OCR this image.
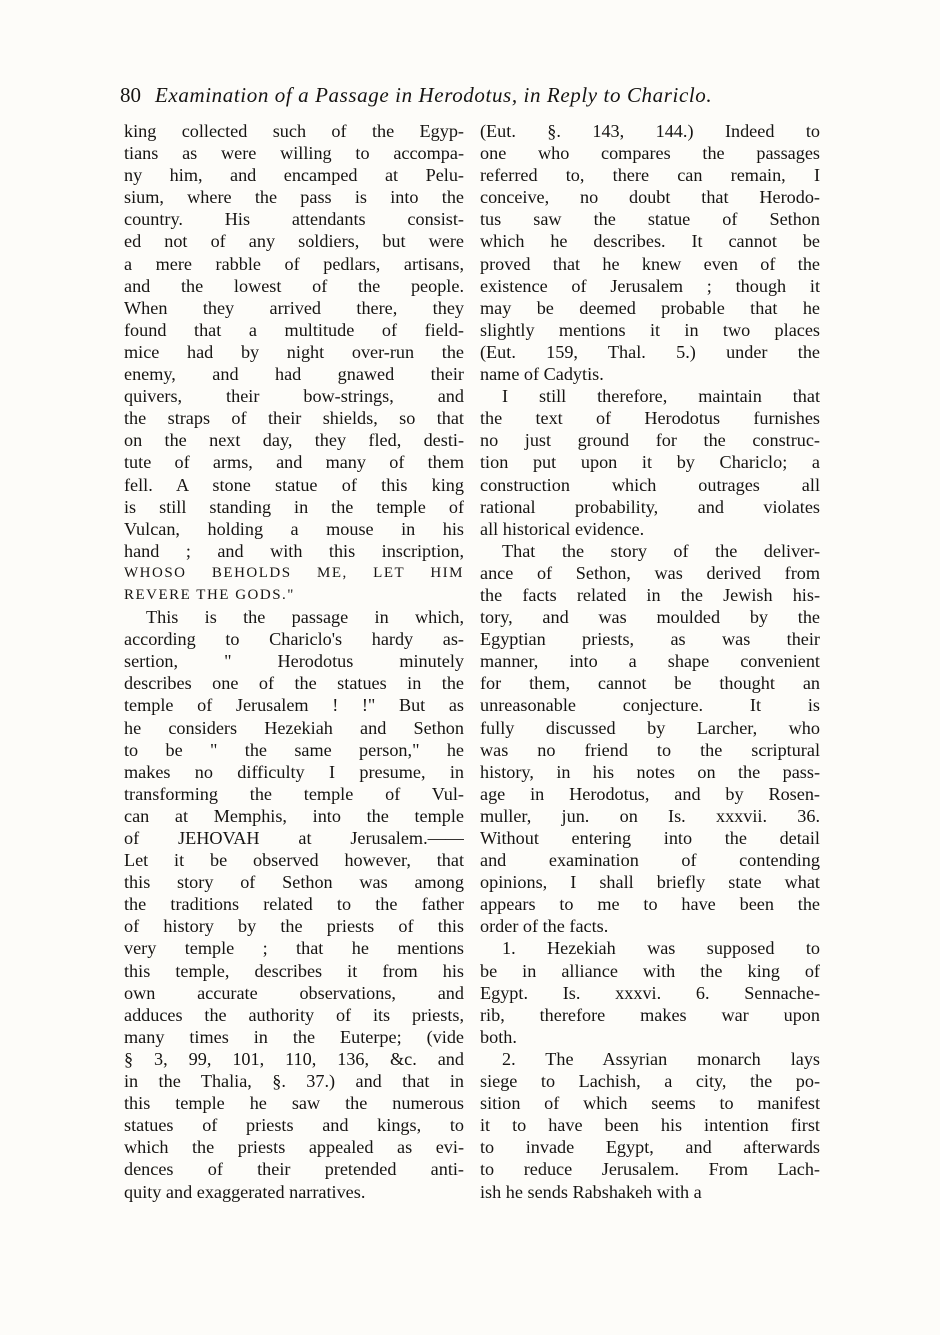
80 Examination of a Passage in Herodotus, in Reply to Chariclo.
king collected such of the Egyp-
tians as were willing to accompa-
ny him, and encamped at Pelu-
sium, where the pass is into the
country. His attendants consist-
ed not of any soldiers, but were
a mere rabble of pedlars, artisans,
and the lowest of the people.
When they arrived there, they
found that a multitude of field-
mice had by night over-run the
enemy, and had gnawed their
quivers, their bow-strings, and
the straps of their shields, so that
on the next day, they fled, desti-
tute of arms, and many of them
fell. A stone statue of this king
is still standing in the temple of
Vulcan, holding a mouse in his
hand ; and with this inscription,
WHOSO BEHOLDS ME, LET HIM
REVERE THE GODS."
This is the passage in which,
according to Chariclo's hardy as-
sertion, " Herodotus minutely
describes one of the statues in the
temple of Jerusalem ! !" But as
he considers Hezekiah and Sethon
to be " the same person," he
makes no difficulty I presume, in
transforming the temple of Vul-
can at Memphis, into the temple
of JEHOVAH at Jerusalem.——
Let it be observed however, that
this story of Sethon was among
the traditions related to the father
of history by the priests of this
very temple ; that he mentions
this temple, describes it from his
own accurate observations, and
adduces the authority of its priests,
many times in the Euterpe; (vide
§ 3, 99, 101, 110, 136, &c. and
in the Thalia, §. 37.) and that in
this temple he saw the numerous
statues of priests and kings, to
which the priests appealed as evi-
dences of their pretended anti-
quity and exaggerated narratives.
(Eut. §. 143, 144.) Indeed to
one who compares the passages
referred to, there can remain, I
conceive, no doubt that Herodo-
tus saw the statue of Sethon
which he describes. It cannot be
proved that he knew even of the
existence of Jerusalem ; though it
may be deemed probable that he
slightly mentions it in two places
(Eut. 159, Thal. 5.) under the
name of Cadytis.
I still therefore, maintain that
the text of Herodotus furnishes
no just ground for the construc-
tion put upon it by Chariclo; a
construction which outrages all
rational probability, and violates
all historical evidence.
That the story of the deliver-
ance of Sethon, was derived from
the facts related in the Jewish his-
tory, and was moulded by the
Egyptian priests, as was their
manner, into a shape convenient
for them, cannot be thought an
unreasonable conjecture. It is
fully discussed by Larcher, who
was no friend to the scriptural
history, in his notes on the pass-
age in Herodotus, and by Rosen-
muller, jun. on Is. xxxvii. 36.
Without entering into the detail
and examination of contending
opinions, I shall briefly state what
appears to me to have been the
order of the facts.
1. Hezekiah was supposed to
be in alliance with the king of
Egypt. Is. xxxvi. 6. Sennache-
rib, therefore makes war upon
both.
2. The Assyrian monarch lays
siege to Lachish, a city, the po-
sition of which seems to manifest
it to have been his intention first
to invade Egypt, and afterwards
to reduce Jerusalem. From Lach-
ish he sends Rabshakeh with a
